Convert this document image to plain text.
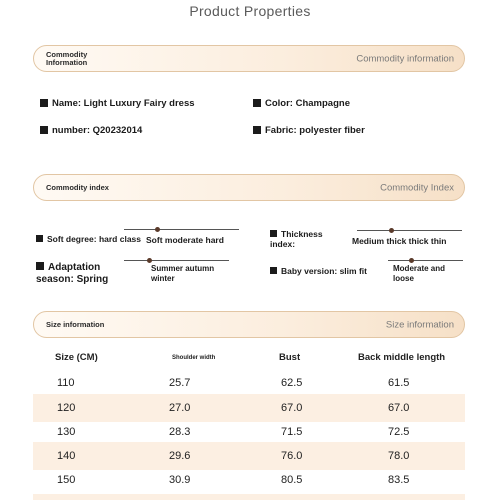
Product Properties
Commodity Information	Commodity information
Name: Light Luxury Fairy dress	Color: Champagne
number: Q20232014	Fabric: polyester fiber
Commodity index	Commodity Index
Soft degree: hard class Soft moderate hard
Thickness index:	Medium thick thick thin
Adaptation season: Spring
Summer autumn winter
Baby version: slim fit	Moderate and loose
Size information	Size information
Size (CM)	Shoulder width	Bust	Back middle length
110	25.7	62.5	61.5
120	27.0	67.0	67.0
130	28.3	71.5	72.5
140	29.6	76.0	78.0
150	30.9	80.5	83.5
